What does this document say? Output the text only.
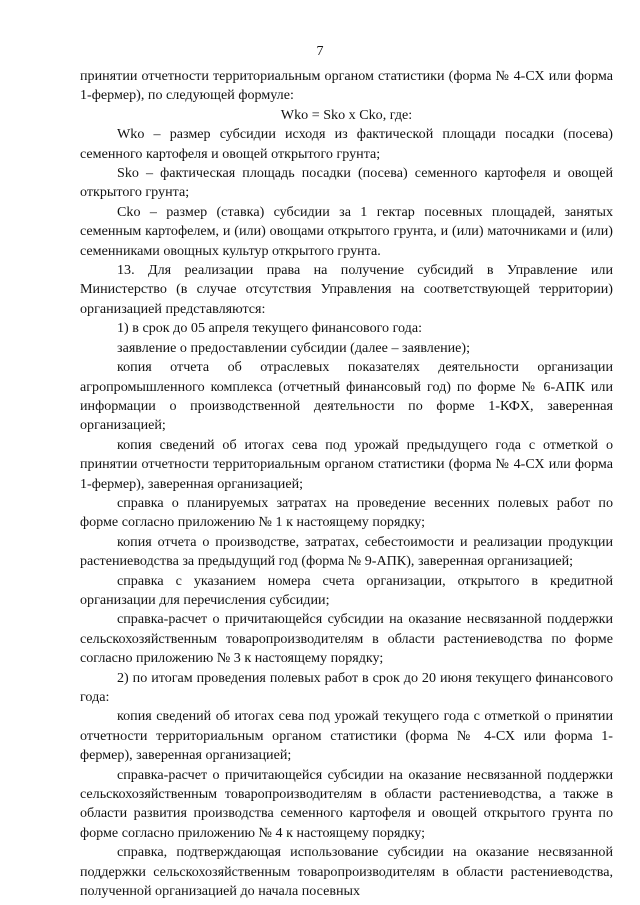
7

принятии отчетности территориальным органом статистики (форма № 4-СХ или форма 1-фермер), по следующей формуле:

Wko = Sko x Cko, где:

Wko – размер субсидии исходя из фактической площади посадки (посева) семенного картофеля и овощей открытого грунта;

Sko – фактическая площадь посадки (посева) семенного картофеля и овощей открытого грунта;

Cko – размер (ставка) субсидии за 1 гектар посевных площадей, занятых семенным картофелем, и (или) овощами открытого грунта, и (или) маточниками и (или) семенниками овощных культур открытого грунта.

13. Для реализации права на получение субсидий в Управление или Министерство (в случае отсутствия Управления на соответствующей территории) организацией представляются:

1) в срок до 05 апреля текущего финансового года:

заявление о предоставлении субсидии (далее – заявление);

копия отчета об отраслевых показателях деятельности организации агропромышленного комплекса (отчетный финансовый год) по форме № 6-АПК или информации о производственной деятельности по форме 1-КФХ, заверенная организацией;

копия сведений об итогах сева под урожай предыдущего года с отметкой о принятии отчетности территориальным органом статистики (форма № 4-СХ или форма 1-фермер), заверенная организацией;

справка о планируемых затратах на проведение весенних полевых работ по форме согласно приложению № 1 к настоящему порядку;

копия отчета о производстве, затратах, себестоимости и реализации продукции растениеводства за предыдущий год (форма № 9-АПК), заверенная организацией;

справка с указанием номера счета организации, открытого в кредитной организации для перечисления субсидии;

справка-расчет о причитающейся субсидии на оказание несвязанной поддержки сельскохозяйственным товаропроизводителям в области растениеводства по форме согласно приложению № 3 к настоящему порядку;

2) по итогам проведения полевых работ в срок до 20 июня текущего финансового года:

копия сведений об итогах сева под урожай текущего года с отметкой о принятии отчетности территориальным органом статистики (форма № 4-СХ или форма 1-фермер), заверенная организацией;

справка-расчет о причитающейся субсидии на оказание несвязанной поддержки сельскохозяйственным товаропроизводителям в области растениеводства, а также в области развития производства семенного картофеля и овощей открытого грунта по форме согласно приложению № 4 к настоящему порядку;

справка, подтверждающая использование субсидии на оказание несвязанной поддержки сельскохозяйственным товаропроизводителям в области растениеводства, полученной организацией до начала посевных
